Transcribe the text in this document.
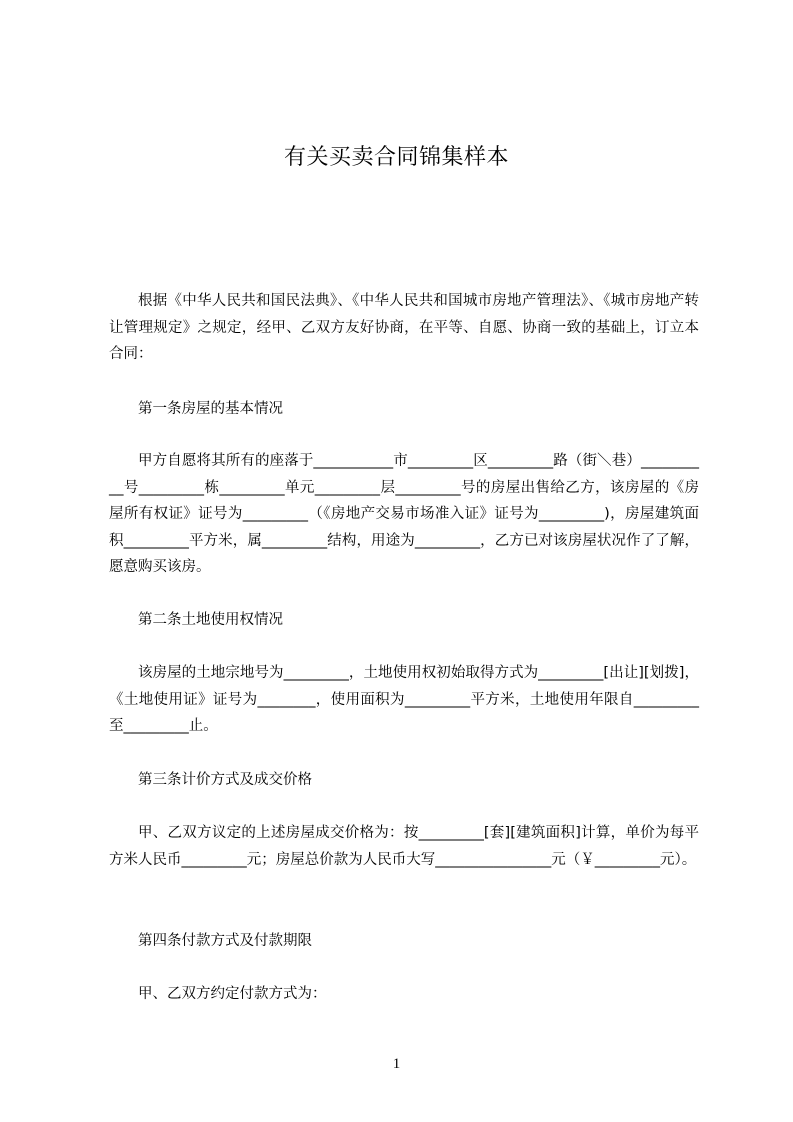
有关买卖合同锦集样本

根据《中华人民共和国民法典》、《中华人民共和国城市房地产管理法》、《城市房地产转让管理规定》之规定，经甲、乙双方友好协商，在平等、自愿、协商一致的基础上，订立本合同：

第一条房屋的基本情况

甲方自愿将其所有的座落于___________市_________区_________路（街＼巷）__________号_________栋_________单元_________层_________号的房屋出售给乙方，该房屋的《房屋所有权证》证号为_________（《房地产交易市场准入证》证号为_________)，房屋建筑面积_________平方米，属_________结构，用途为_________，乙方已对该房屋状况作了了解，愿意购买该房。

第二条土地使用权情况

该房屋的土地宗地号为_________，土地使用权初始取得方式为_________[出让][划拨]，《土地使用证》证号为________，使用面积为_________平方米，土地使用年限自_________至_________止。

第三条计价方式及成交价格

甲、乙双方议定的上述房屋成交价格为：按_________[套][建筑面积]计算，单价为每平方米人民币_________元；房屋总价款为人民币大写________________元（￥_________元）。

第四条付款方式及付款期限

甲、乙双方约定付款方式为：

1
